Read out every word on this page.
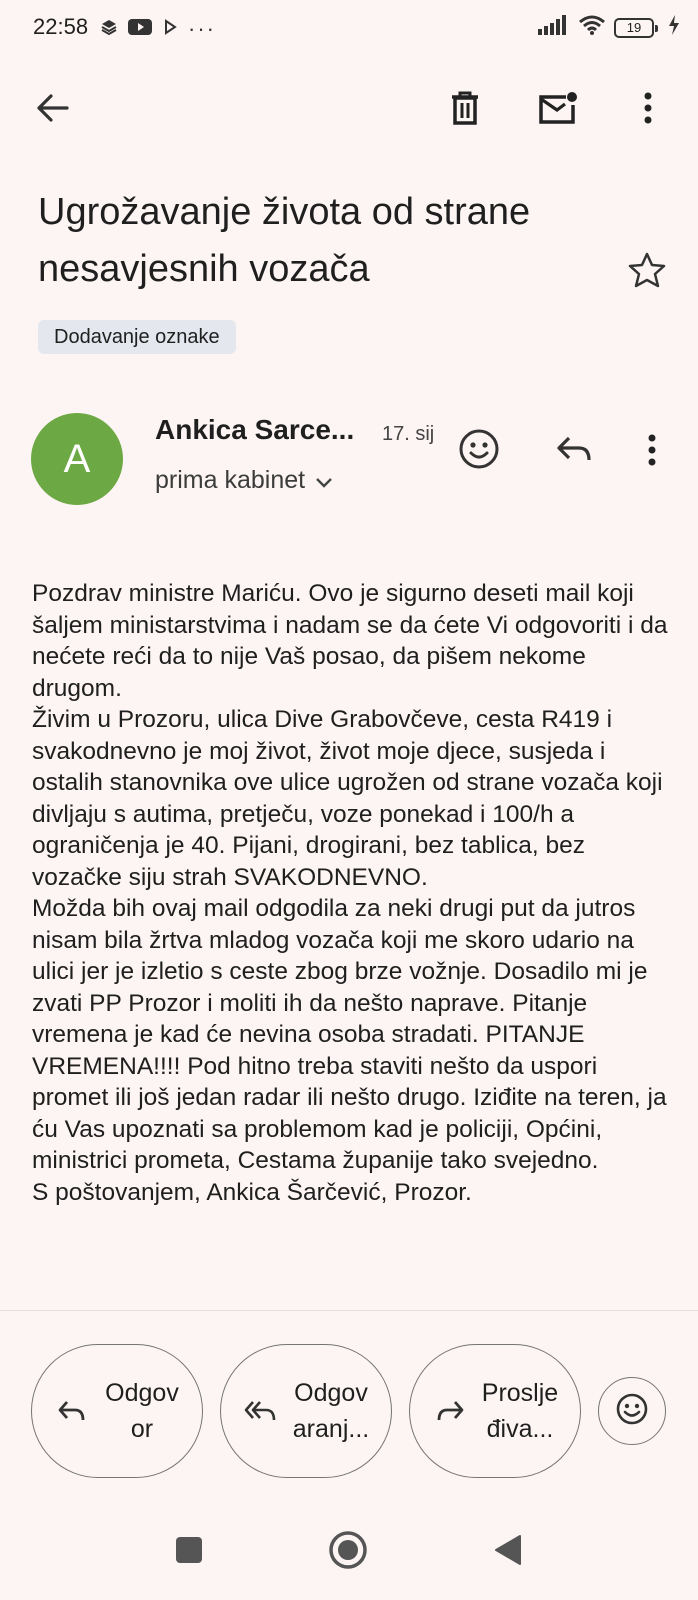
22:58	···	19
Ugrožavanje života od strane nesavjesnih vozača
Dodavanje oznake
A
Ankica Sarce... 17. sij
prima kabinet
Pozdrav ministre Mariću. Ovo je sigurno deseti mail koji šaljem ministarstvima i nadam se da ćete Vi odgovoriti i da nećete reći da to nije Vaš posao, da pišem nekome drugom.
Živim u Prozoru, ulica Dive Grabovčeve, cesta R419 i svakodnevno je moj život, život moje djece, susjeda i ostalih stanovnika ove ulice ugrožen od strane vozača koji divljaju s autima, pretječu, voze ponekad i 100/h a ograničenja je 40. Pijani, drogirani, bez tablica, bez vozačke siju strah SVAKODNEVNO.
Možda bih ovaj mail odgodila za neki drugi put da jutros nisam bila žrtva mladog vozača koji me skoro udario na ulici jer je izletio s ceste zbog brze vožnje. Dosadilo mi je zvati PP Prozor i moliti ih da nešto naprave. Pitanje vremena je kad će nevina osoba stradati. PITANJE VREMENA!!!! Pod hitno treba staviti nešto da uspori promet ili još jedan radar ili nešto drugo. Iziđite na teren, ja ću Vas upoznati sa problemom kad je policiji, Općini, ministrici prometa, Cestama županije tako svejedno.
S poštovanjem, Ankica Šarčević, Prozor.
Odgov
or
Odgov
aranj...
Proslje
điva...
